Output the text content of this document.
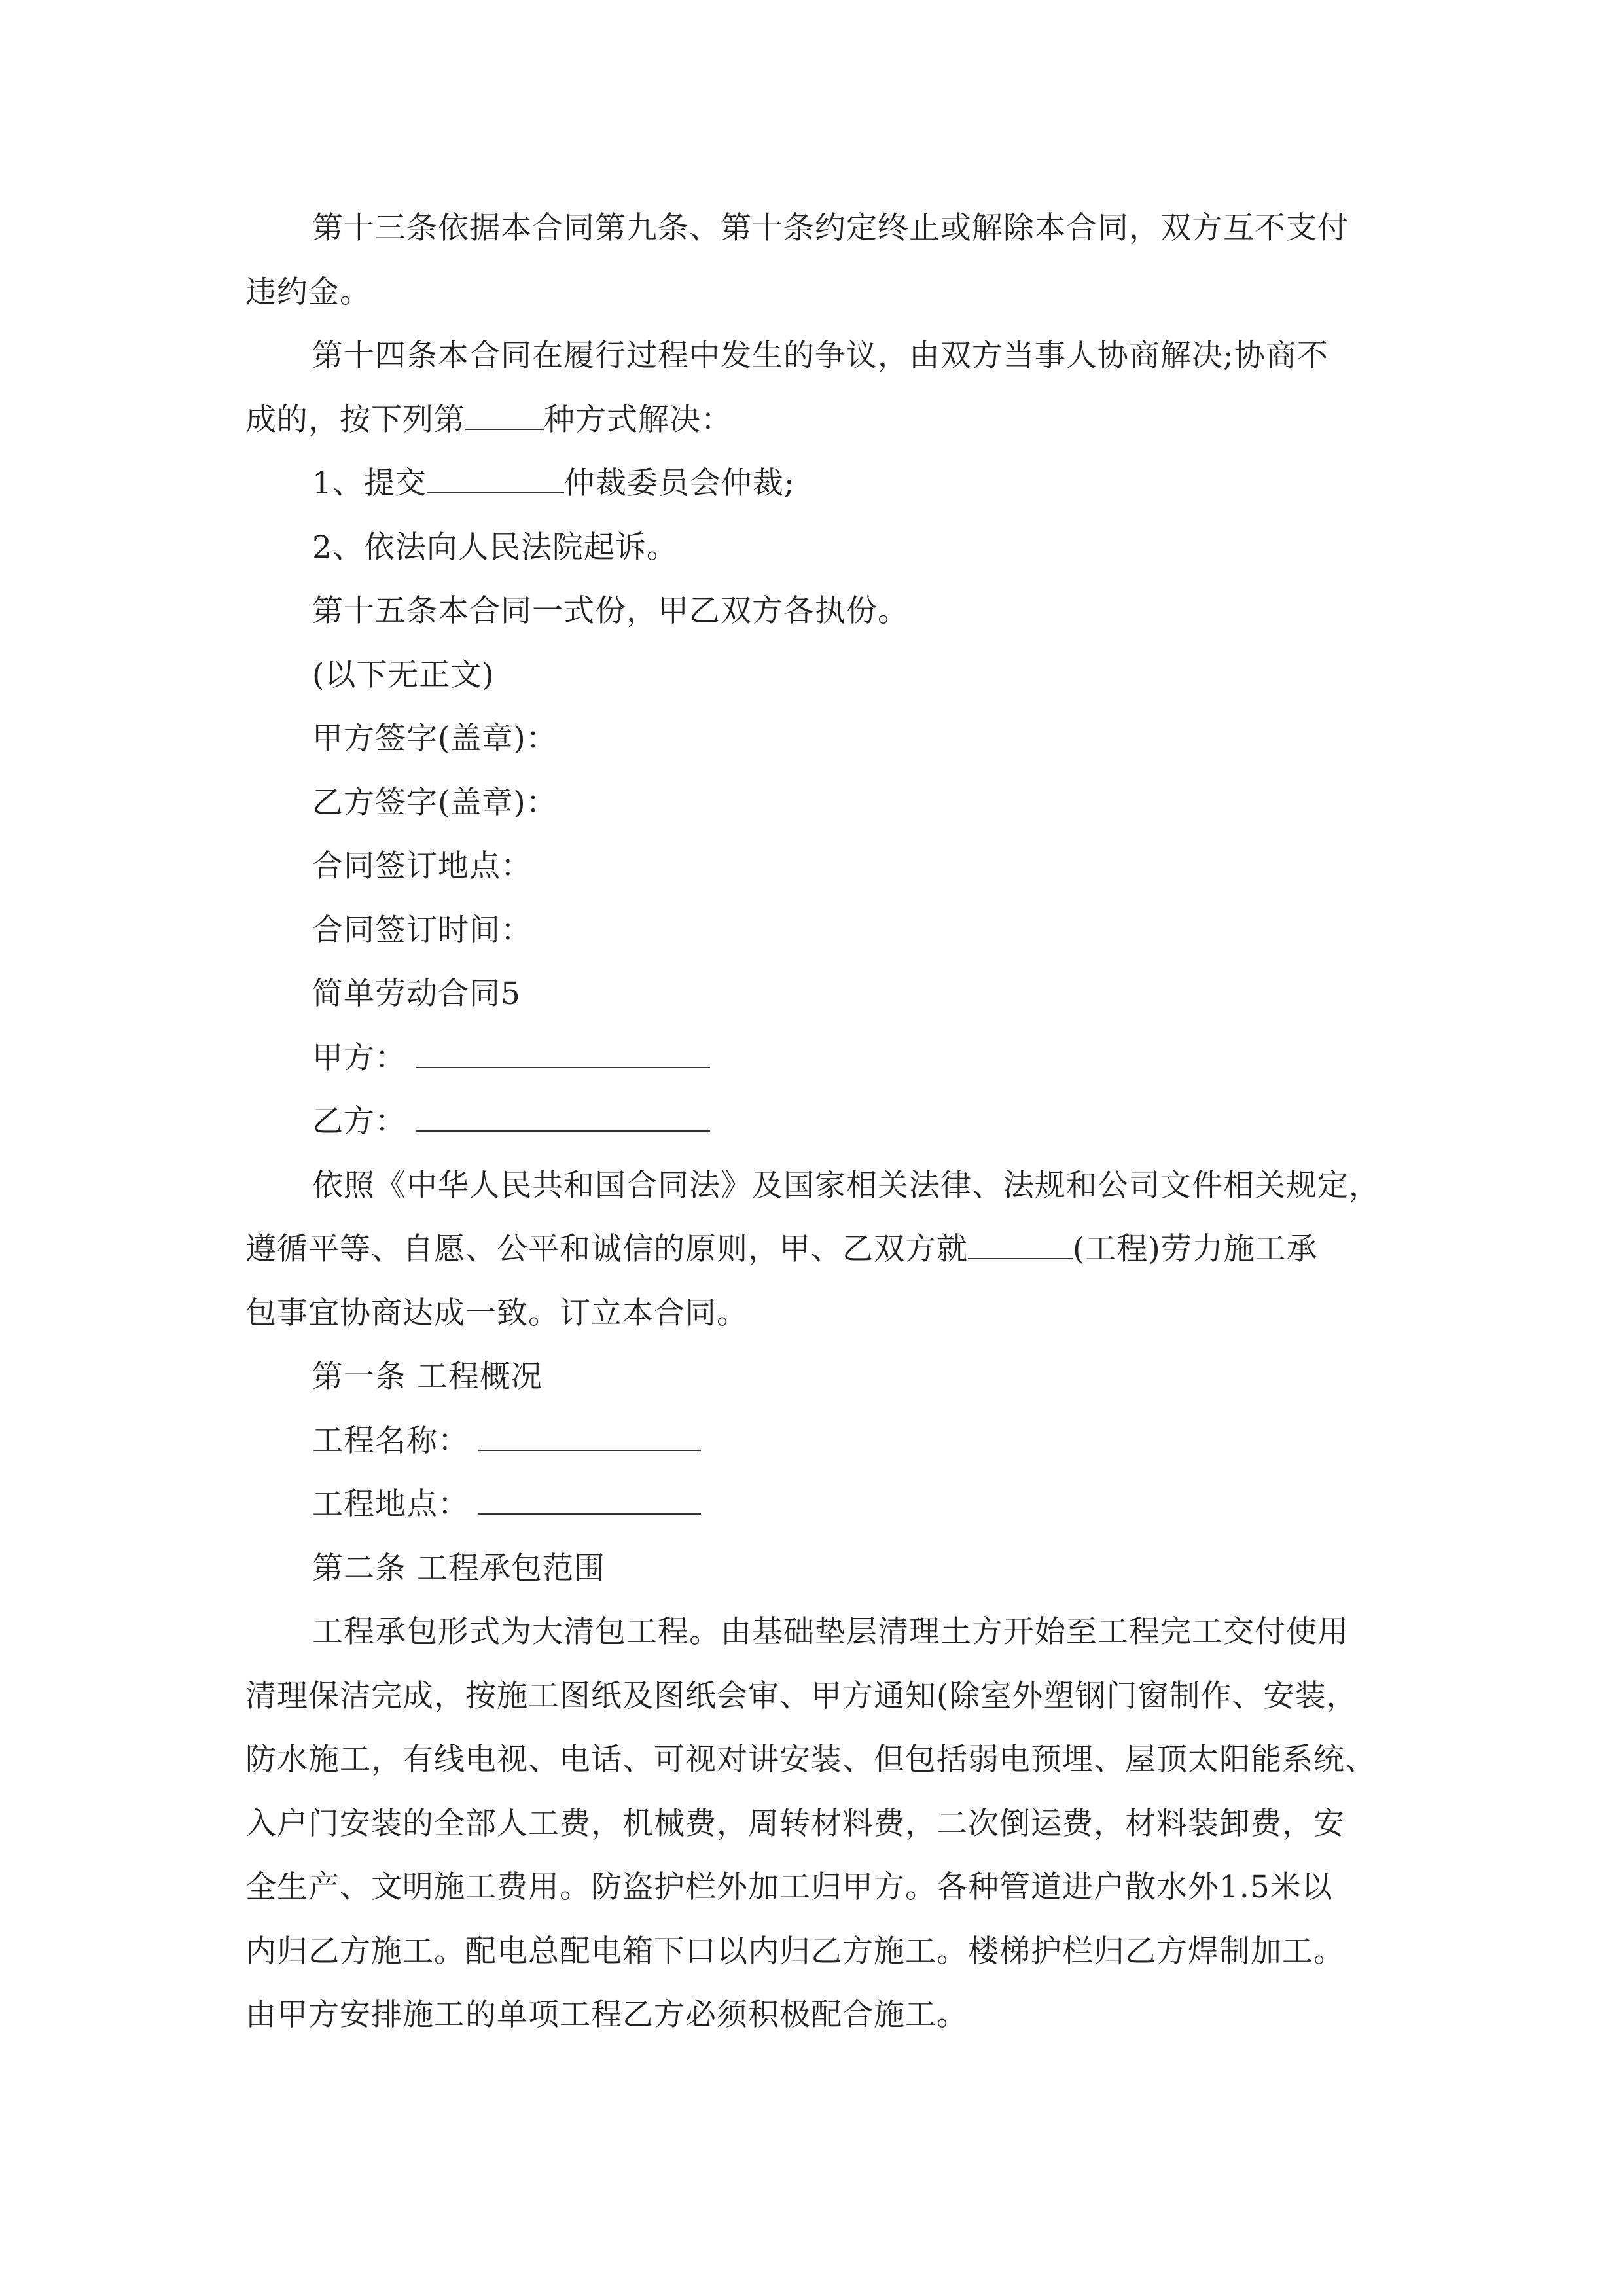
第十三条依据本合同第九条、第十条约定终止或解除本合同，双方互不支付
违约金。
第十四条本合同在履行过程中发生的争议，由双方当事人协商解决;协商不
成的，按下列第	种方式解决：
1、提交	仲裁委员会仲裁;
2、依法向人民法院起诉。
第十五条本合同一式份，甲乙双方各执份。
(以下无正文)
甲方签字(盖章)：
乙方签字(盖章)：
合同签订地点：
合同签订时间：
简单劳动合同5
甲方：
乙方：
依照《中华人民共和国合同法》及国家相关法律、法规和公司文件相关规定，
遵循平等、自愿、公平和诚信的原则，甲、乙双方就	(工程)劳力施工承
包事宜协商达成一致。订立本合同。
第一条 工程概况
工程名称：
工程地点：
第二条 工程承包范围
工程承包形式为大清包工程。由基础垫层清理土方开始至工程完工交付使用
清理保洁完成，按施工图纸及图纸会审、甲方通知(除室外塑钢门窗制作、安装，
防水施工，有线电视、电话、可视对讲安装、但包括弱电预埋、屋顶太阳能系统、
入户门安装的全部人工费，机械费，周转材料费，二次倒运费，材料装卸费，安
全生产、文明施工费用。防盗护栏外加工归甲方。各种管道进户散水外1.5米以
内归乙方施工。配电总配电箱下口以内归乙方施工。楼梯护栏归乙方焊制加工。
由甲方安排施工的单项工程乙方必须积极配合施工。
